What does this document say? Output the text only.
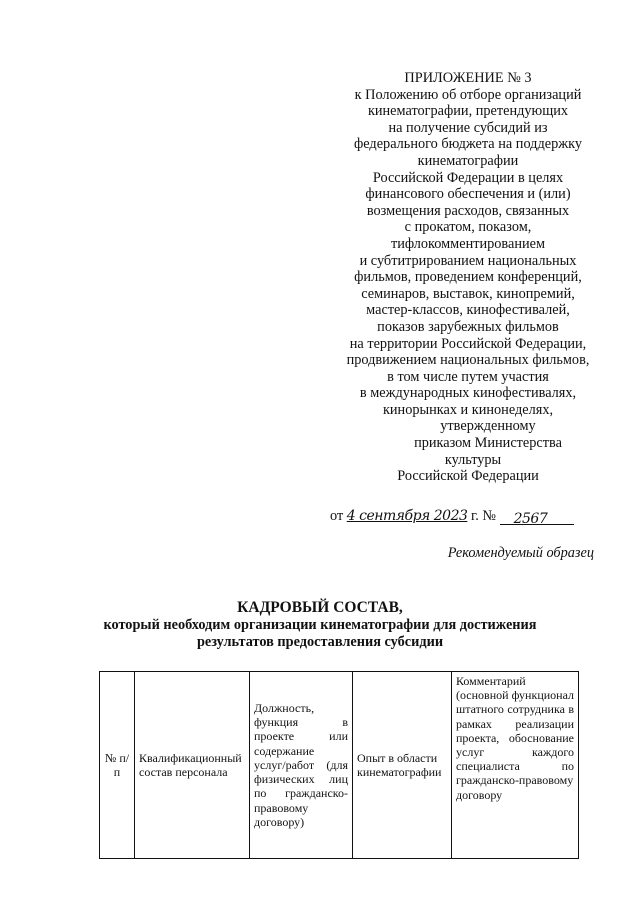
ПРИЛОЖЕНИЕ № 3
к Положению об отборе организаций
кинематографии, претендующих
на получение субсидий из
федерального бюджета на поддержку
кинематографии
Российской Федерации в целях
финансового обеспечения и (или)
возмещения расходов, связанных
с прокатом, показом,
тифлокомментированием
и субтитрированием национальных
фильмов, проведением конференций,
семинаров, выставок, кинопремий,
мастер-классов, кинофестивалей,
показов зарубежных фильмов
на территории Российской Федерации,
продвижением национальных фильмов,
в том числе путем участия
в международных кинофестивалях,
кинорынках и кинонеделях,
утвержденному
приказом Министерства
культуры
Российской Федерации
от 4 сентября 2023 г. № 2567
Рекомендуемый образец
КАДРОВЫЙ СОСТАВ,
который необходим организации кинематографии для достижения
результатов предоставления субсидии
№ п/п	Квалификационный состав персонала	Должность, функция в проекте или содержание услуг/работ (для физических лиц по гражданско-правовому договору)	Опыт в области кинематографии	Комментарий (основной функционал штатного сотрудника в рамках реализации проекта, обоснование услуг каждого специалиста по гражданско-правовому договору
